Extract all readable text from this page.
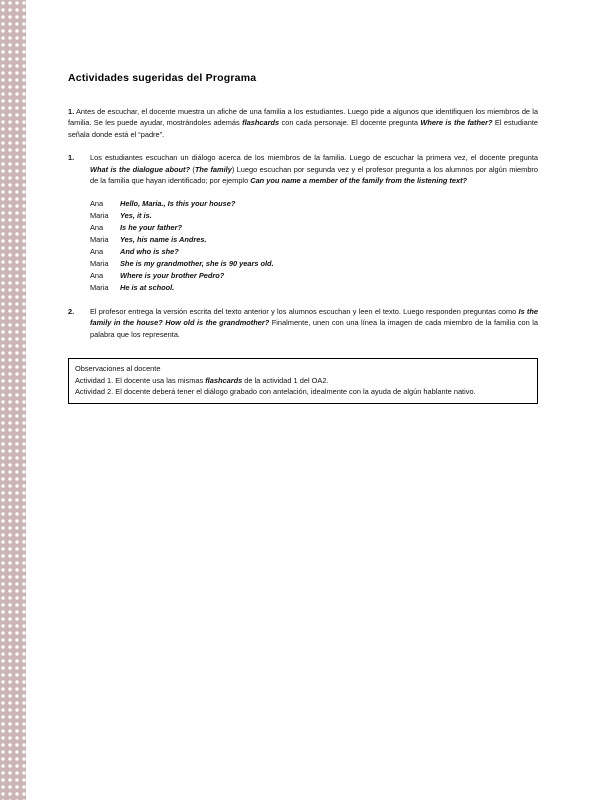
Actividades sugeridas del Programa

1. Antes de escuchar, el docente muestra un afiche de una familia a los estudiantes. Luego pide a algunos que identifiquen los miembros de la familia. Se les puede ayudar, mostrándoles además flashcards con cada personaje. El docente pregunta Where is the father? El estudiante señala donde está el “padre”.

1.	Los estudiantes escuchan un diálogo acerca de los miembros de la familia. Luego de escuchar la primera vez, el docente pregunta What is the dialogue about? (The family) Luego escuchan por segunda vez y el profesor pregunta a los alumnos por algún miembro de la familia que hayan identificado; por ejemplo Can you name a member of the family from the listening text?
Ana Hello, Maria., Is this your house?
Maria Yes, it is.
Ana Is he your father?
Maria Yes, his name is Andres.
Ana And who is she?
Maria She is my grandmother, she is 90 years old.
Ana Where is your brother Pedro?
Maria He is at school.
2.	El profesor entrega la versión escrita del texto anterior y los alumnos escuchan y leen el texto. Luego responden preguntas como Is the family in the house? How old is the grandmother? Finalmente, unen con una línea la imagen de cada miembro de la familia con la palabra que los representa.
Observaciones al docente
Actividad 1. El docente usa las mismas flashcards de la actividad 1 del OA2.
Actividad 2. El docente deberá tener el diálogo grabado con antelación, idealmente con la ayuda de algún hablante nativo.
